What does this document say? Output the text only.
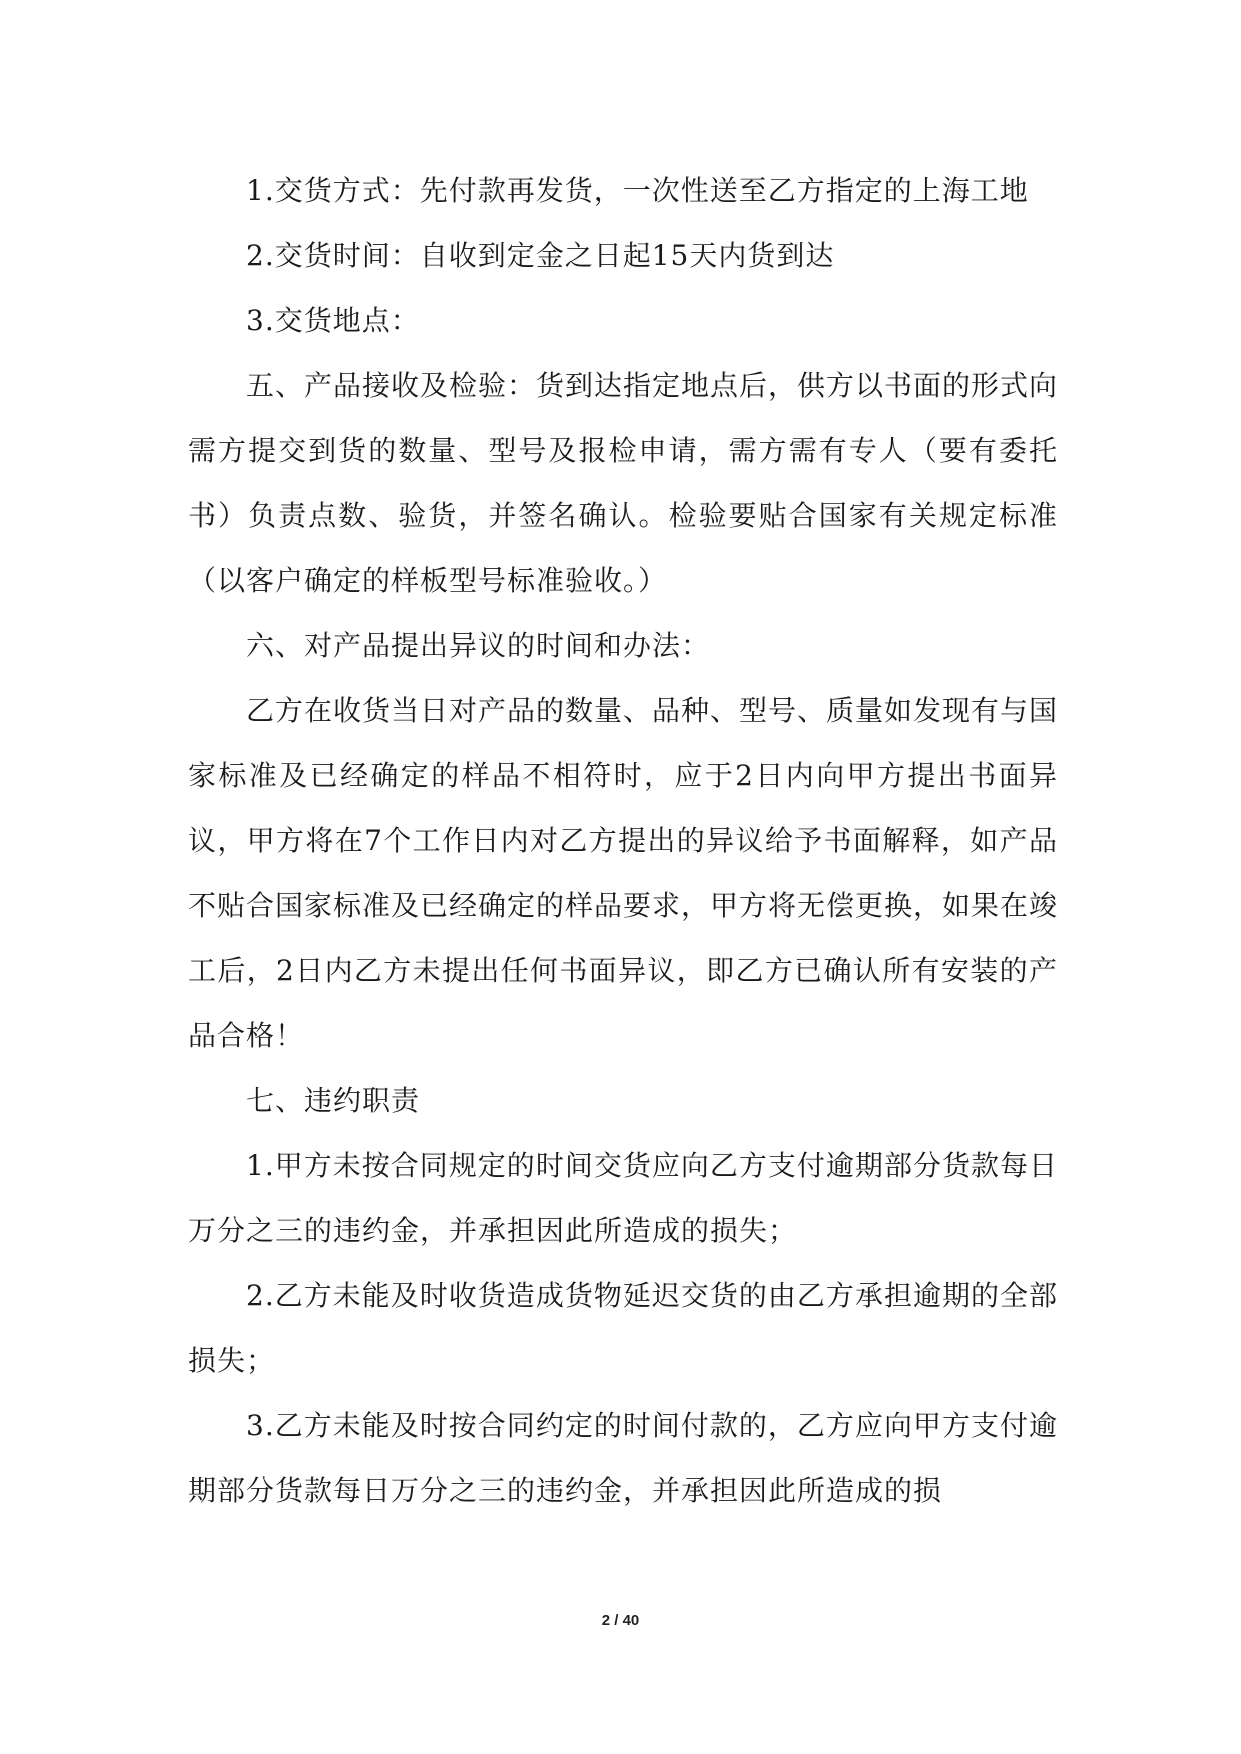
1.交货方式：先付款再发货，一次性送至乙方指定的上海工地

2.交货时间：自收到定金之日起15天内货到达

3.交货地点：

五、产品接收及检验：货到达指定地点后，供方以书面的形式向需方提交到货的数量、型号及报检申请，需方需有专人（要有委托书）负责点数、验货，并签名确认。检验要贴合国家有关规定标准（以客户确定的样板型号标准验收。）

六、对产品提出异议的时间和办法：

乙方在收货当日对产品的数量、品种、型号、质量如发现有与国家标准及已经确定的样品不相符时，应于2日内向甲方提出书面异议，甲方将在7个工作日内对乙方提出的异议给予书面解释，如产品不贴合国家标准及已经确定的样品要求，甲方将无偿更换，如果在竣工后，2日内乙方未提出任何书面异议，即乙方已确认所有安装的产品合格！

七、违约职责

1.甲方未按合同规定的时间交货应向乙方支付逾期部分货款每日万分之三的违约金，并承担因此所造成的损失；

2.乙方未能及时收货造成货物延迟交货的由乙方承担逾期的全部损失；

3.乙方未能及时按合同约定的时间付款的，乙方应向甲方支付逾期部分货款每日万分之三的违约金，并承担因此所造成的损

2 / 40
